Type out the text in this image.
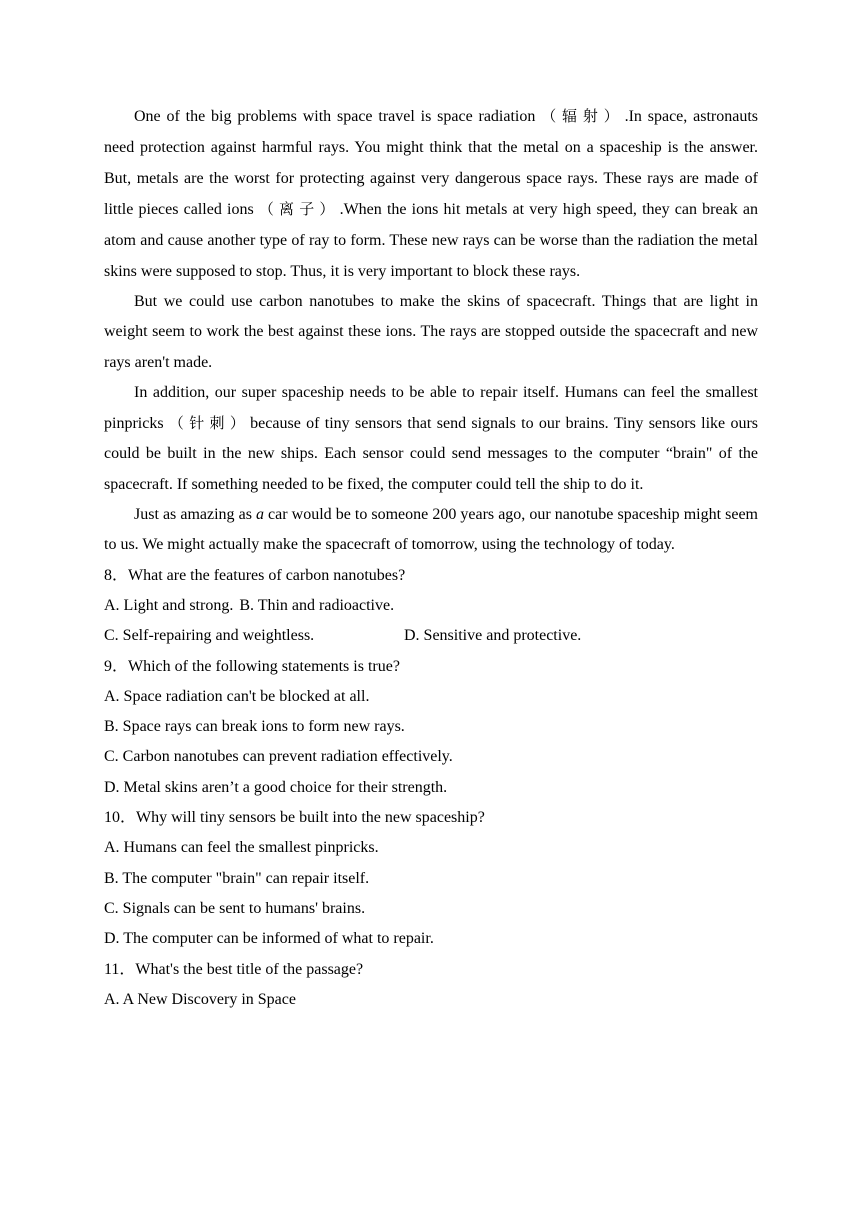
One of the big problems with space travel is space radiation （辐射）.In space, astronauts need protection against harmful rays. You might think that the metal on a spaceship is the answer. But, metals are the worst for protecting against very dangerous space rays. These rays are made of little pieces called ions （离子）.When the ions hit metals at very high speed, they can break an atom and cause another type of ray to form. These new rays can be worse than the radiation the metal skins were supposed to stop. Thus, it is very important to block these rays.

But we could use carbon nanotubes to make the skins of spacecraft. Things that are light in weight seem to work the best against these ions. The rays are stopped outside the spacecraft and new rays aren't made.

In addition, our super spaceship needs to be able to repair itself. Humans can feel the smallest pinpricks （针刺）because of tiny sensors that send signals to our brains. Tiny sensors like ours could be built in the new ships. Each sensor could send messages to the computer “brain" of the spacecraft. If something needed to be fixed, the computer could tell the ship to do it.

Just as amazing as a car would be to someone 200 years ago, our nanotube spaceship might seem to us. We might actually make the spacecraft of tomorrow, using the technology of today.

8．What are the features of carbon nanotubes?

A. Light and strong. B. Thin and radioactive.

C. Self-repairing and weightless.	D. Sensitive and protective.

9．Which of the following statements is true?

A. Space radiation can't be blocked at all.

B. Space rays can break ions to form new rays.

C. Carbon nanotubes can prevent radiation effectively.

D. Metal skins aren’t a good choice for their strength.

10．Why will tiny sensors be built into the new spaceship?

A. Humans can feel the smallest pinpricks.

B. The computer "brain" can repair itself.

C. Signals can be sent to humans' brains.

D. The computer can be informed of what to repair.

11．What's the best title of the passage?

A. A New Discovery in Space
